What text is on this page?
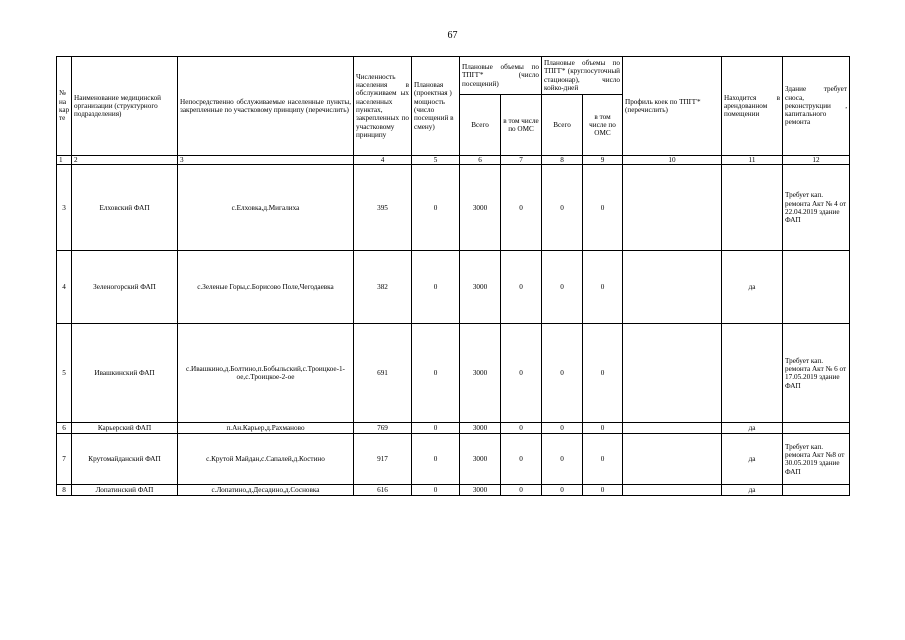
67
№ на кар те	Наименование медицинской организации (структурного подразделения)	Непосредственно обслуживаемые населенные пункты, закрепленные по участковому принципу (перечислить)	Численность населения в обслуживаем ых населенных пунктах, закрепленных по участковому принципу	Плановая (проектная ) мощность (число посещений в смену)	Плановые объемы по ТПГГ* (число посещений)		Плановые объемы по ТПГГ* (круглосуточный стационар), число койко-дней		Профиль коек по ТПГГ* (перечислить)	Находится в арендованном помещении	Здание требует сноса, реконструкции , капитального ремонта
					Всего	в том числе по ОМС	Всего	в том числе по ОМС			
1	2	3	4	5	6	7	8	9	10	11	12
3	Елховский ФАП	с.Елховка,д.Мигалиха	395	0	3000	0	0	0			Требует кап. ремонта Акт № 4 от 22.04.2019 здание ФАП
4	Зеленогорский ФАП	с.Зеленые Горы,с.Борисово Поле,Чегодаевка	382	0	3000	0	0	0		да	
5	Ивашкинский ФАП	с.Ивашкино,д.Болтино,п.Бобыльский,с.Троицкое-1-ое,с.Троицкое-2-ое	691	0	3000	0	0	0			Требует кап. ремонта Акт № 6 от 17.05.2019 здание ФАП
6	Карьерский ФАП	п.Ан.Карьер,д.Рахманово	769	0	3000	0	0	0		да	
7	Крутомайданский ФАП	с.Крутой Майдан,с.Сапалей,д.Костино	917	0	3000	0	0	0		да	Требует кап. ремонта Акт №8 от 30.05.2019 здание ФАП
8	Лопатинский ФАП	с.Лопатино,д.Десадино,д.Сосновка	616	0	3000	0	0	0		да	
